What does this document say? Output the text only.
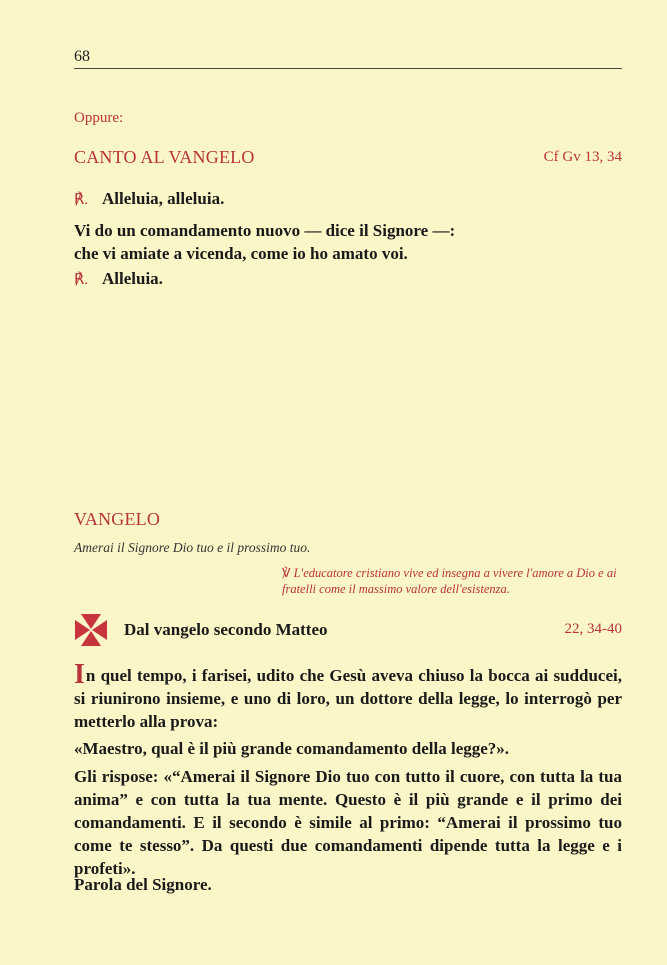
68
Oppure:
CANTO AL VANGELO	Cf Gv 13, 34
℟. Alleluia, alleluia.
Vi do un comandamento nuovo — dice il Signore —:
che vi amiate a vicenda, come io ho amato voi.
℟. Alleluia.
VANGELO
Amerai il Signore Dio tuo e il prossimo tuo.
℣ L'educatore cristiano vive ed insegna a vivere l'amore a Dio e ai fratelli come il massimo valore dell'esistenza.
Dal vangelo secondo Matteo	22, 34-40
In quel tempo, i farisei, udito che Gesù aveva chiuso la bocca ai sudducei, si riunirono insieme, e uno di loro, un dottore della legge, lo interrogò per metterlo alla prova:
«Maestro, qual è il più grande comandamento della legge?».
Gli rispose: «“Amerai il Signore Dio tuo con tutto il cuore, con tutta la tua anima” e con tutta la tua mente. Questo è il più grande e il primo dei comandamenti. E il secondo è simile al primo: “Amerai il prossimo tuo come te stesso”. Da questi due comandamenti dipende tutta la legge e i profeti».
Parola del Signore.
